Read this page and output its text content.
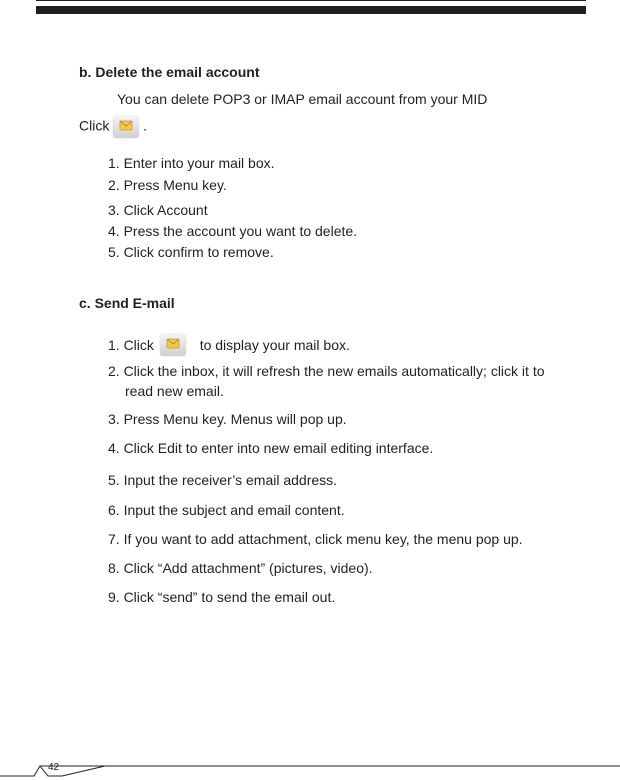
b. Delete the email account
You can delete POP3 or IMAP email account from your MID
Click .
1. Enter into your mail box.
2. Press Menu key.
3. Click Account
4. Press the account you want to delete.
5. Click confirm to remove.
c. Send E-mail
1. Click	to display your mail box.
2. Click the inbox, it will refresh the new emails automatically; click it to
read new email.
3. Press Menu key. Menus will pop up.
4. Click Edit to enter into new email editing interface.
5. Input the receiver’s email address.
6. Input the subject and email content.
7. If you want to add attachment, click menu key, the menu pop up.
8. Click “Add attachment” (pictures, video).
9. Click “send” to send the email out.
42
